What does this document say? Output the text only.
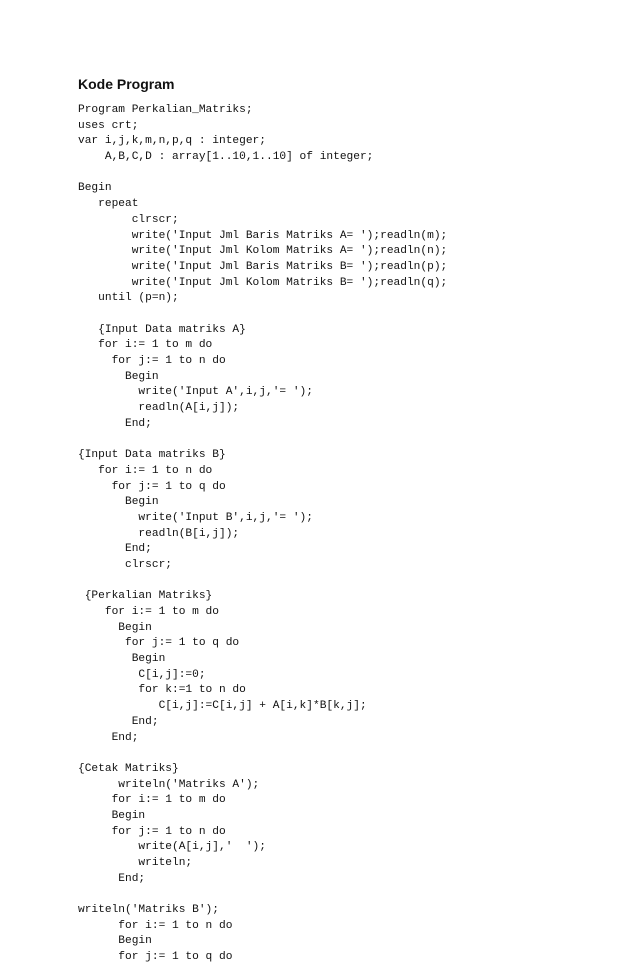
Kode Program
Program Perkalian_Matriks;
uses crt;
var i,j,k,m,n,p,q : integer;
A,B,C,D : array[1..10,1..10] of integer;
Begin
repeat
clrscr;
write('Input Jml Baris Matriks A= ');readln(m);
write('Input Jml Kolom Matriks A= ');readln(n);
write('Input Jml Baris Matriks B= ');readln(p);
write('Input Jml Kolom Matriks B= ');readln(q);
until (p=n);
{Input Data matriks A}
for i:= 1 to m do
for j:= 1 to n do
Begin
write('Input A',i,j,'= ');
readln(A[i,j]);
End;
{Input Data matriks B}
for i:= 1 to n do
for j:= 1 to q do
Begin
write('Input B',i,j,'= ');
readln(B[i,j]);
End;
clrscr;
{Perkalian Matriks}
for i:= 1 to m do
Begin
for j:= 1 to q do
Begin
C[i,j]:=0;
for k:=1 to n do
C[i,j]:=C[i,j] + A[i,k]*B[k,j];
End;
End;
{Cetak Matriks}
writeln('Matriks A');
for i:= 1 to m do
Begin
for j:= 1 to n do
write(A[i,j],'  ');
writeln;
End;
writeln('Matriks B');
for i:= 1 to n do
Begin
for j:= 1 to q do
